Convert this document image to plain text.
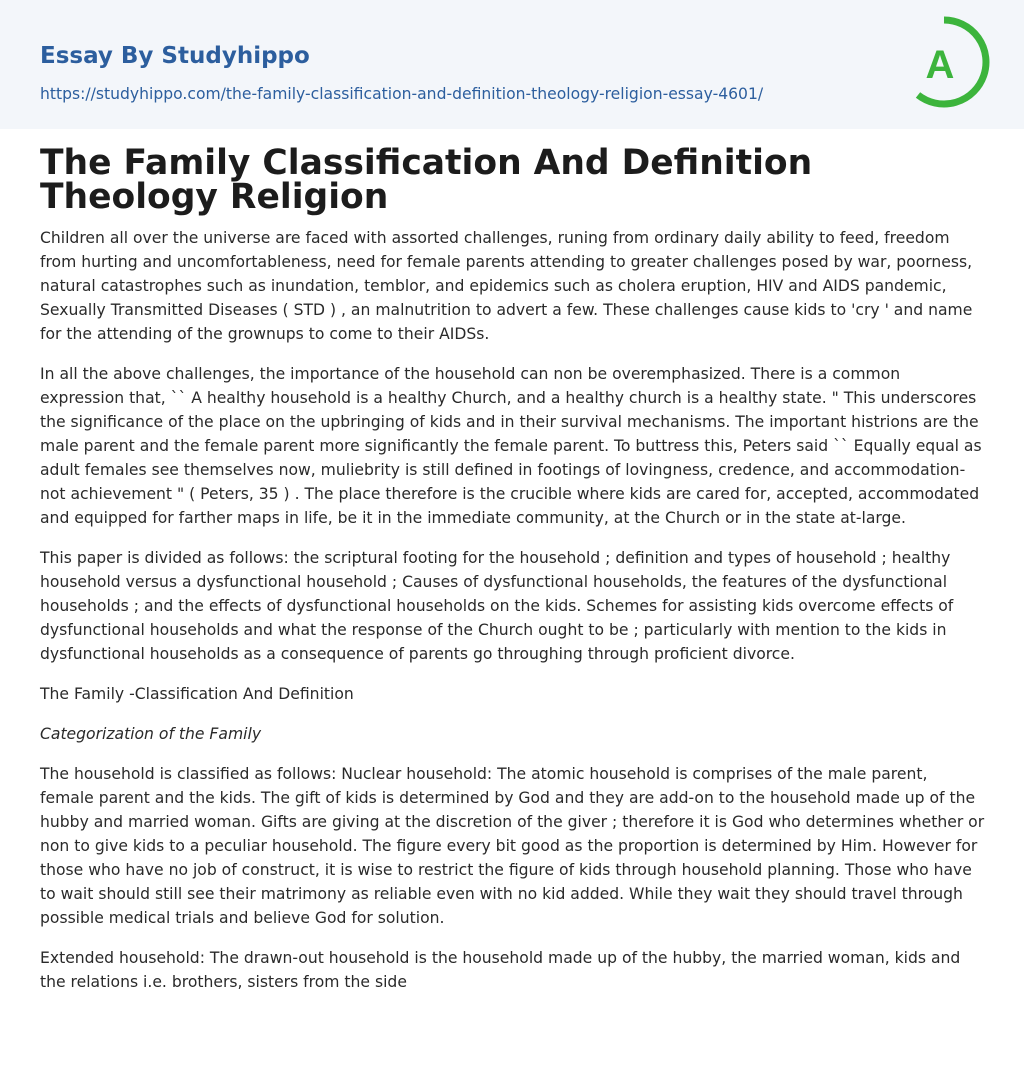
Essay By Studyhippo
https://studyhippo.com/the-family-classification-and-definition-theology-religion-essay-4601/
A
The Family Classification And Definition Theology Religion

Children all over the universe are faced with assorted challenges, runing from ordinary daily ability to feed, freedom from hurting and uncomfortableness, need for female parents attending to greater challenges posed by war, poorness, natural catastrophes such as inundation, temblor, and epidemics such as cholera eruption, HIV and AIDS pandemic, Sexually Transmitted Diseases ( STD ) , an malnutrition to advert a few. These challenges cause kids to 'cry ' and name for the attending of the grownups to come to their AIDSs.

In all the above challenges, the importance of the household can non be overemphasized. There is a common expression that, `` A healthy household is a healthy Church, and a healthy church is a healthy state. " This underscores the significance of the place on the upbringing of kids and in their survival mechanisms. The important histrions are the male parent and the female parent more significantly the female parent. To buttress this, Peters said `` Equally equal as adult females see themselves now, muliebrity is still defined in footings of lovingness, credence, and accommodation-not achievement " ( Peters, 35 ) . The place therefore is the crucible where kids are cared for, accepted, accommodated and equipped for farther maps in life, be it in the immediate community, at the Church or in the state at-large.

This paper is divided as follows: the scriptural footing for the household ; definition and types of household ; healthy household versus a dysfunctional household ; Causes of dysfunctional households, the features of the dysfunctional households ; and the effects of dysfunctional households on the kids. Schemes for assisting kids overcome effects of dysfunctional households and what the response of the Church ought to be ; particularly with mention to the kids in dysfunctional households as a consequence of parents go throughing through proficient divorce.

The Family -Classification And Definition

Categorization of the Family

The household is classified as follows: Nuclear household: The atomic household is comprises of the male parent, female parent and the kids. The gift of kids is determined by God and they are add-on to the household made up of the hubby and married woman. Gifts are giving at the discretion of the giver ; therefore it is God who determines whether or non to give kids to a peculiar household. The figure every bit good as the proportion is determined by Him. However for those who have no job of construct, it is wise to restrict the figure of kids through household planning. Those who have to wait should still see their matrimony as reliable even with no kid added. While they wait they should travel through possible medical trials and believe God for solution.

Extended household: The drawn-out household is the household made up of the hubby, the married woman, kids and the relations i.e. brothers, sisters from the side
